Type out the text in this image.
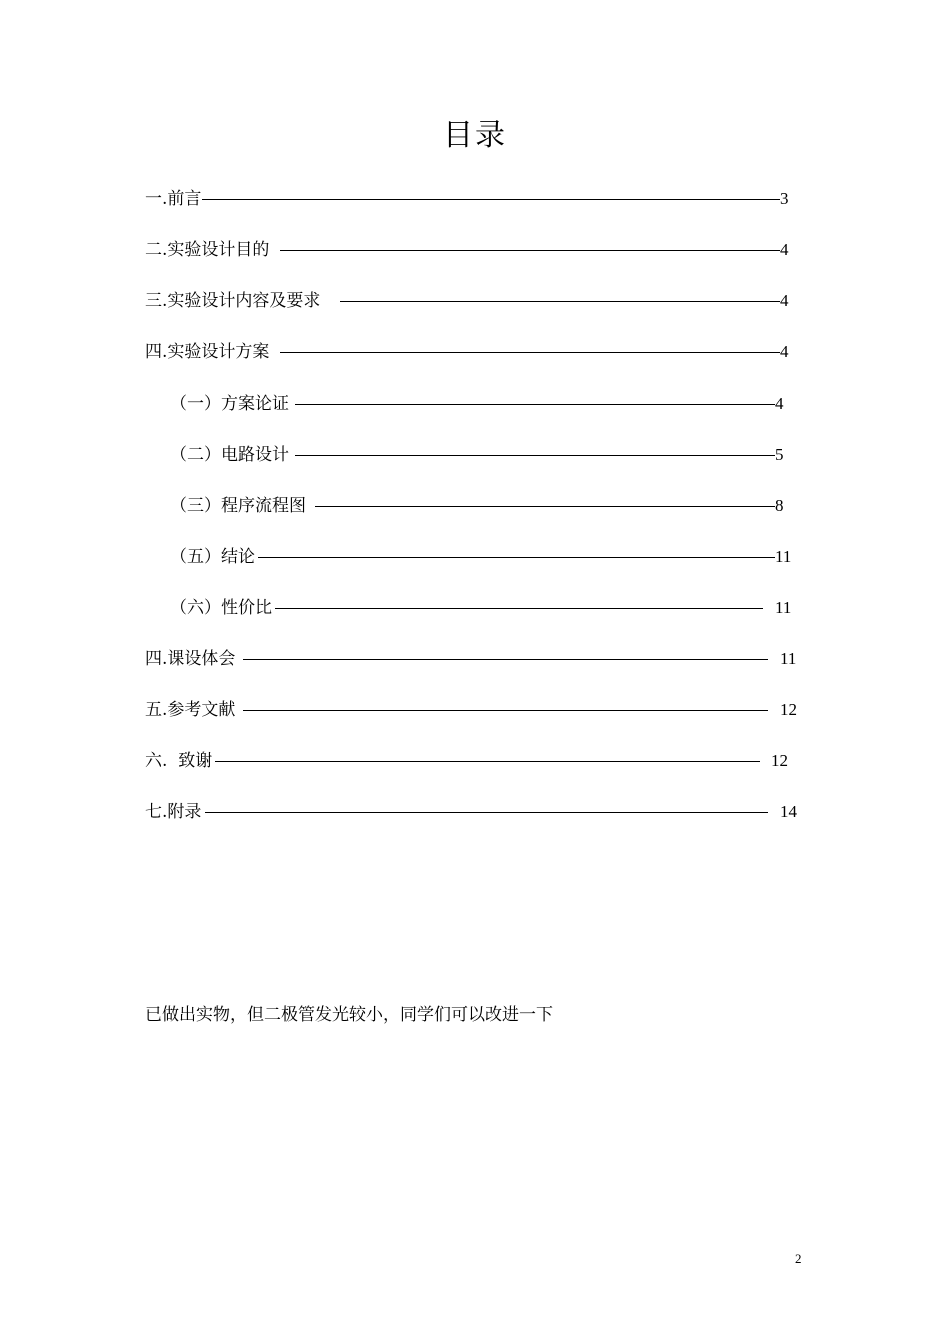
目录
一.前言	3
二.实验设计目的	4
三.实验设计内容及要求	4
四.实验设计方案	4
（一）方案论证	4
（二）电路设计	5
（三）程序流程图	8
（五）结论	11
（六）性价比	11
四.课设体会	11
五.参考文献	12
六.  致谢	12
七.附录	14
已做出实物，但二极管发光较小，同学们可以改进一下
2
